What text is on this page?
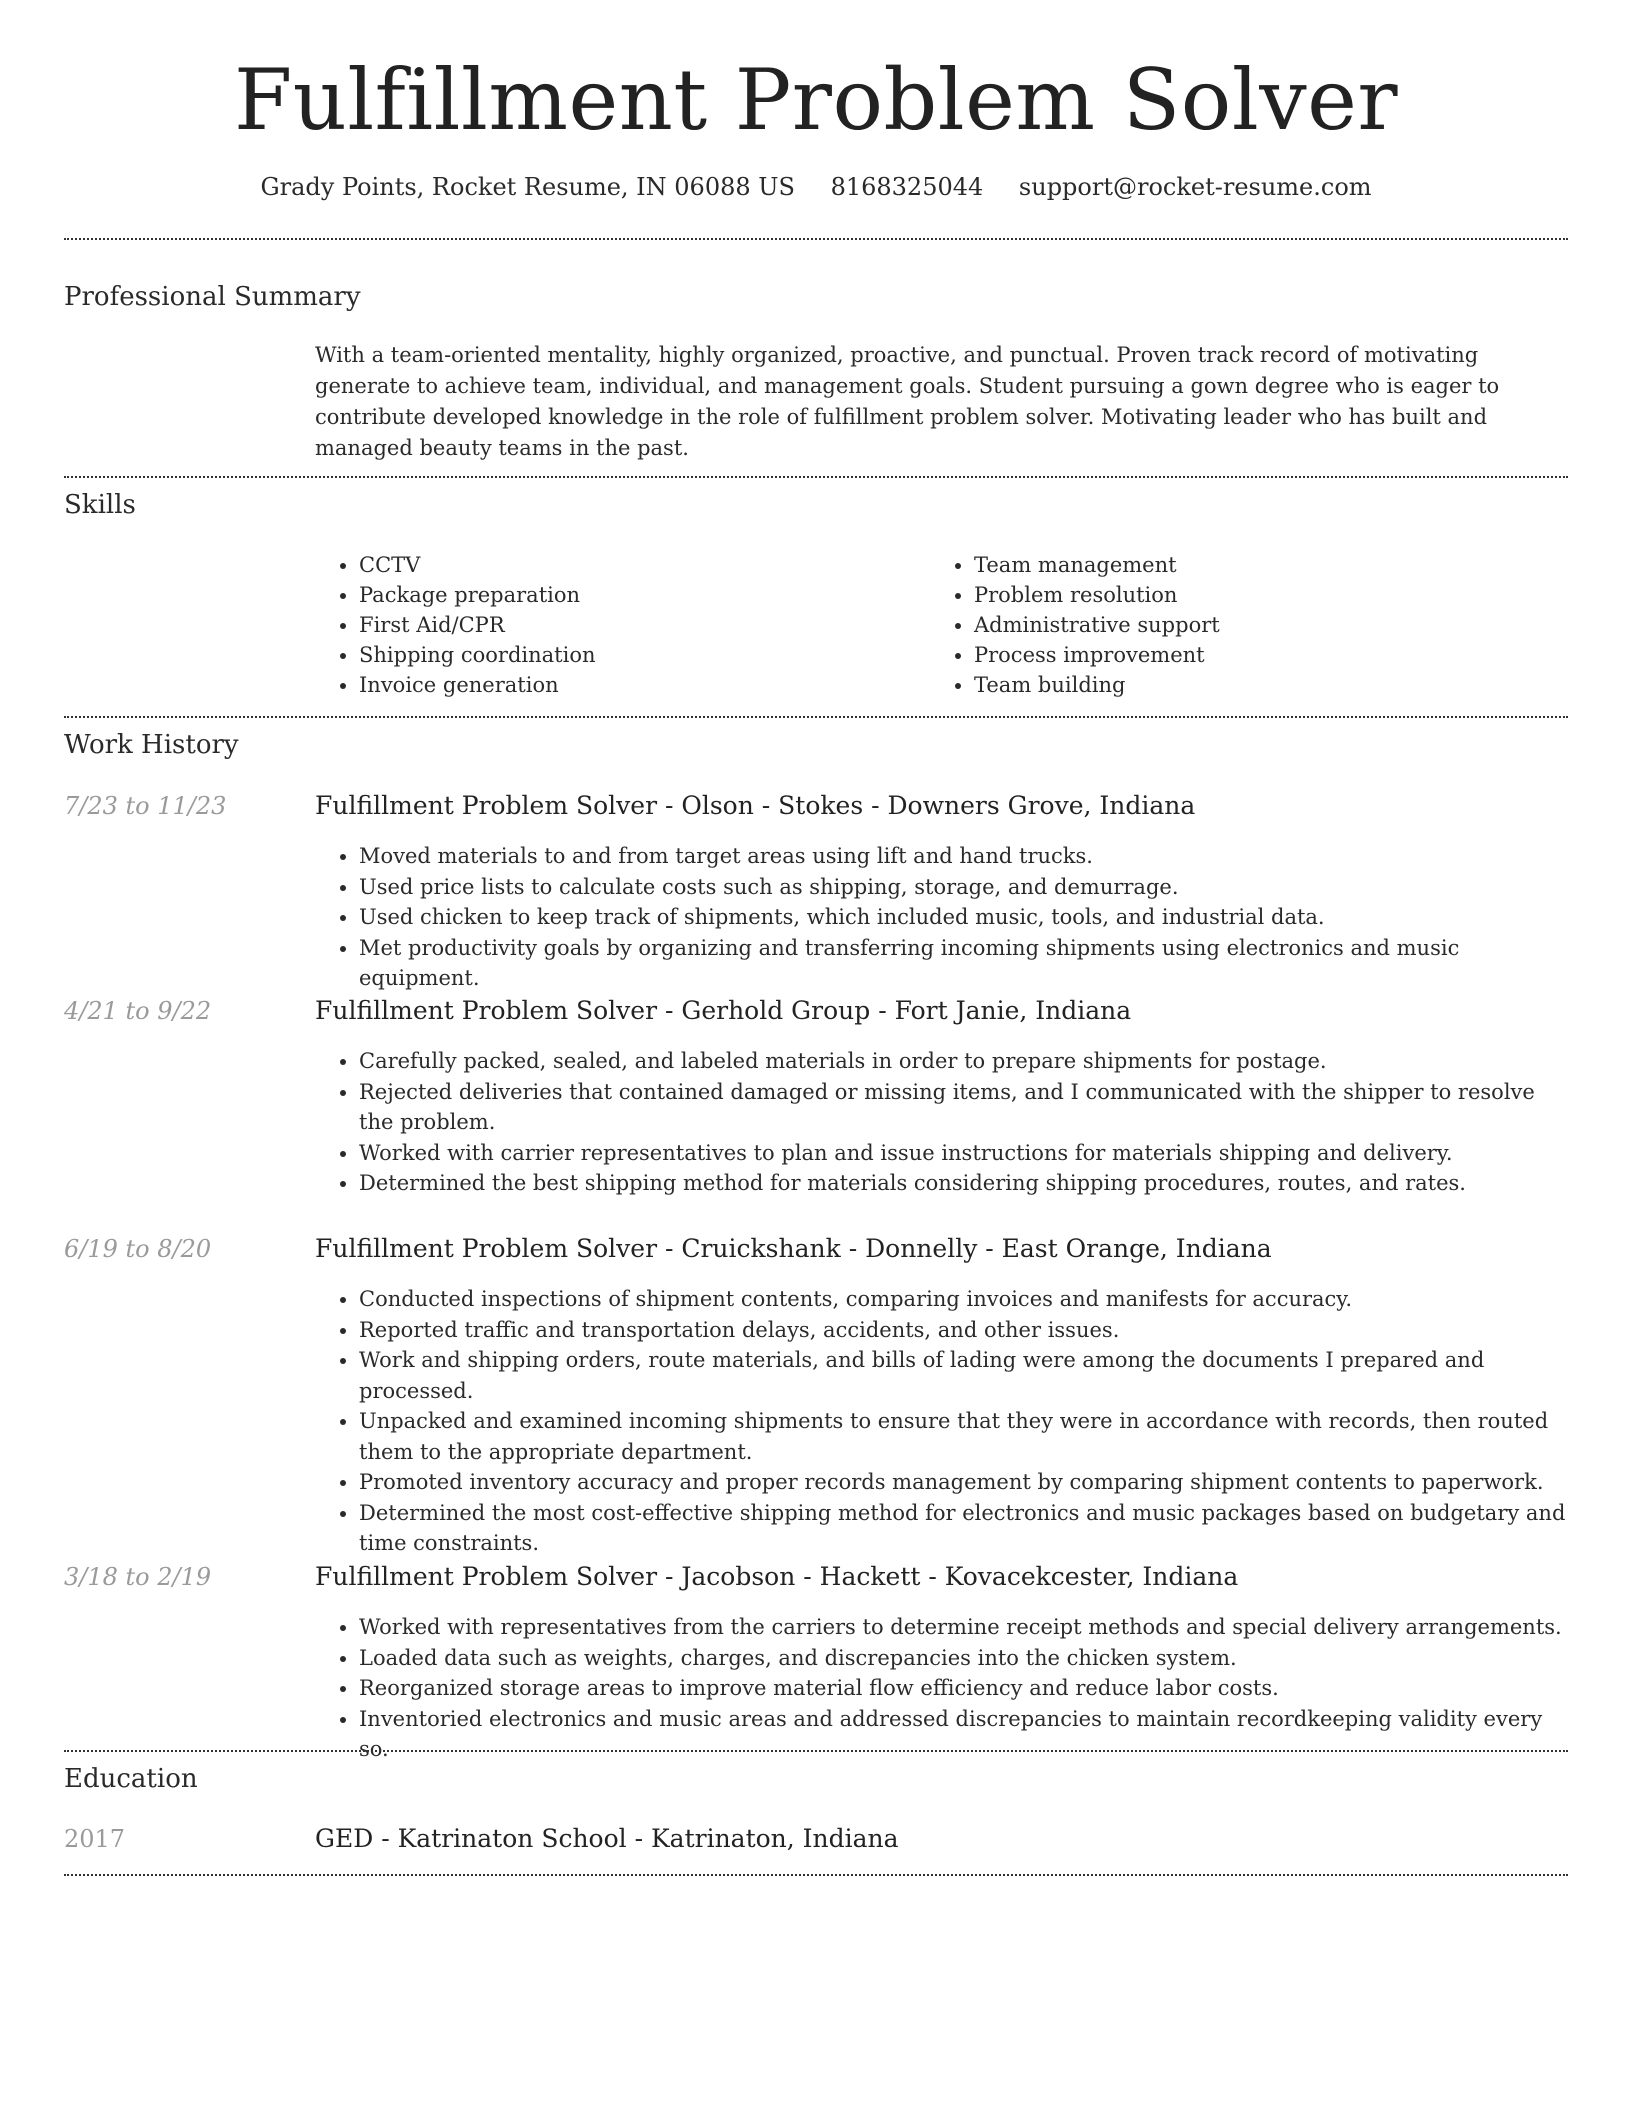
Fulfillment Problem Solver
Grady Points, Rocket Resume, IN 06088 US 8168325044 support@rocket-resume.com
Professional Summary
With a team-oriented mentality, highly organized, proactive, and punctual. Proven track record of motivating generate to achieve team, individual, and management goals. Student pursuing a gown degree who is eager to contribute developed knowledge in the role of fulfillment problem solver. Motivating leader who has built and managed beauty teams in the past.
Skills
• CCTV
• Package preparation
• First Aid/CPR
• Shipping coordination
• Invoice generation
• Team management
• Problem resolution
• Administrative support
• Process improvement
• Team building
Work History
7/23 to 11/23	Fulfillment Problem Solver - Olson - Stokes - Downers Grove, Indiana
• Moved materials to and from target areas using lift and hand trucks.
• Used price lists to calculate costs such as shipping, storage, and demurrage.
• Used chicken to keep track of shipments, which included music, tools, and industrial data.
• Met productivity goals by organizing and transferring incoming shipments using electronics and music equipment.
4/21 to 9/22	Fulfillment Problem Solver - Gerhold Group - Fort Janie, Indiana
• Carefully packed, sealed, and labeled materials in order to prepare shipments for postage.
• Rejected deliveries that contained damaged or missing items, and I communicated with the shipper to resolve the problem.
• Worked with carrier representatives to plan and issue instructions for materials shipping and delivery.
• Determined the best shipping method for materials considering shipping procedures, routes, and rates.
6/19 to 8/20	Fulfillment Problem Solver - Cruickshank - Donnelly - East Orange, Indiana
• Conducted inspections of shipment contents, comparing invoices and manifests for accuracy.
• Reported traffic and transportation delays, accidents, and other issues.
• Work and shipping orders, route materials, and bills of lading were among the documents I prepared and processed.
• Unpacked and examined incoming shipments to ensure that they were in accordance with records, then routed them to the appropriate department.
• Promoted inventory accuracy and proper records management by comparing shipment contents to paperwork.
• Determined the most cost-effective shipping method for electronics and music packages based on budgetary and time constraints.
3/18 to 2/19	Fulfillment Problem Solver - Jacobson - Hackett - Kovacekcester, Indiana
• Worked with representatives from the carriers to determine receipt methods and special delivery arrangements.
• Loaded data such as weights, charges, and discrepancies into the chicken system.
• Reorganized storage areas to improve material flow efficiency and reduce labor costs.
• Inventoried electronics and music areas and addressed discrepancies to maintain recordkeeping validity every so.
Education
2017	GED - Katrinaton School - Katrinaton, Indiana
